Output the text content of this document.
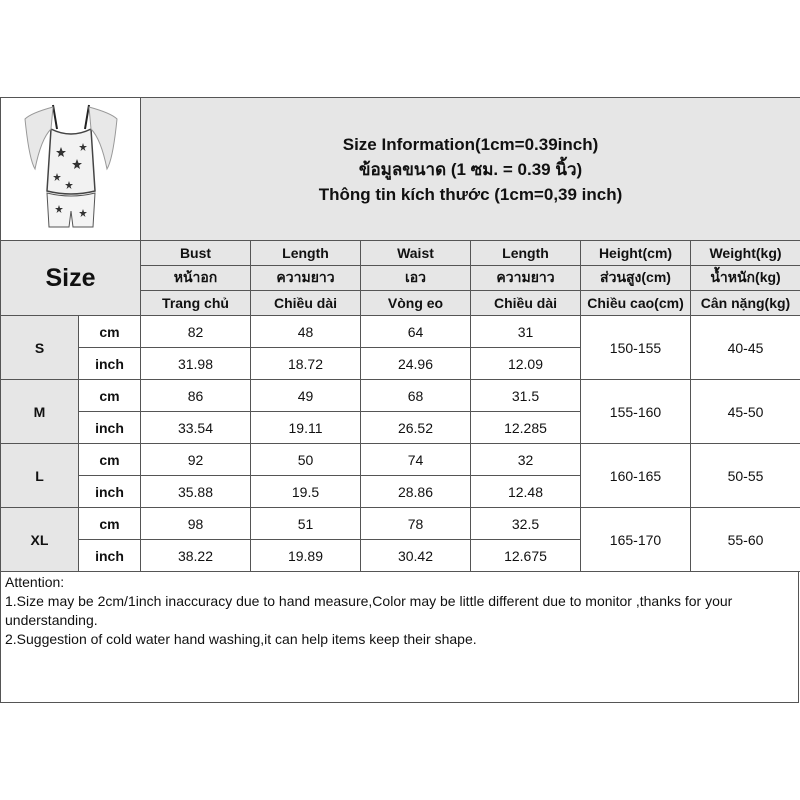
Size Information(1cm=0.39inch)
ข้อมูลขนาด (1 ซม. = 0.39 นิ้ว)
Thông tin kích thước (1cm=0,39 inch)					

Size		Bust	Length	Waist	Length	Height(cm)	Weight(kg)
		หน้าอก	ความยาว	เอว	ความยาว	ส่วนสูง(cm)	น้ำหนัก(kg)
		Trang chủ	Chiều dài	Vòng eo	Chiều dài	Chiều cao(cm)	Cân nặng(kg)
S	cm	82	48	64	31	150-155	40-45
	inch	31.98	18.72	24.96	12.09		
M	cm	86	49	68	31.5	155-160	45-50
	inch	33.54	19.11	26.52	12.285		
L	cm	92	50	74	32	160-165	50-55
	inch	35.88	19.5	28.86	12.48		
XL	cm	98	51	78	32.5	165-170	55-60
	inch	38.22	19.89	30.42	12.675		
Attention:
1.Size may be 2cm/1inch inaccuracy due to hand measure,Color may be little different due to monitor ,thanks for your understanding.
2.Suggestion of cold water hand washing,it can help items keep their shape.
